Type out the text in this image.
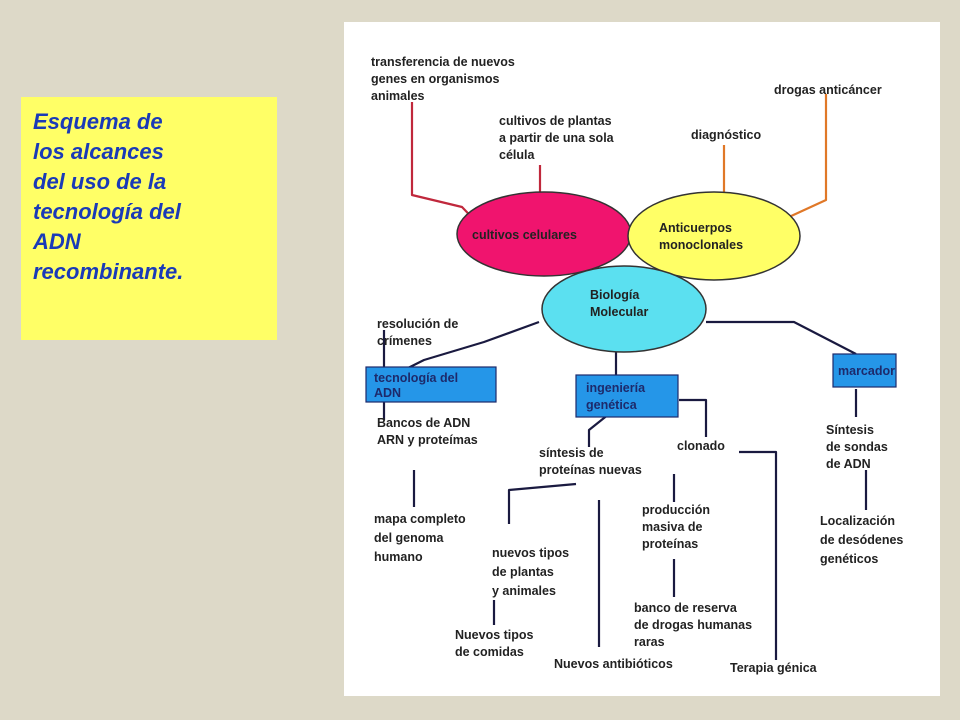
Esquema de
los alcances
del uso de la
tecnología del
ADN
recombinante.
transferencia de nuevos genes en organismos animales
cultivos de plantas a partir de una sola célula
drogas anticáncer
diagnóstico
cultivos celulares	Anticuerpos monoclonales
Biología Molecular
resolución de crímenes
tecnología del ADN	ingeniería genética
marcador
Bancos de ADN ARN y proteímas
síntesis de proteínas nuevas
clonado
Síntesis de sondas de ADN
mapa completo del genoma humano
producción masiva de proteínas
Localización de desódenes genéticos
nuevos tipos de plantas y animales
banco de reserva de drogas humanas raras
Nuevos tipos de comidas
Nuevos antibióticos	Terapia génica
